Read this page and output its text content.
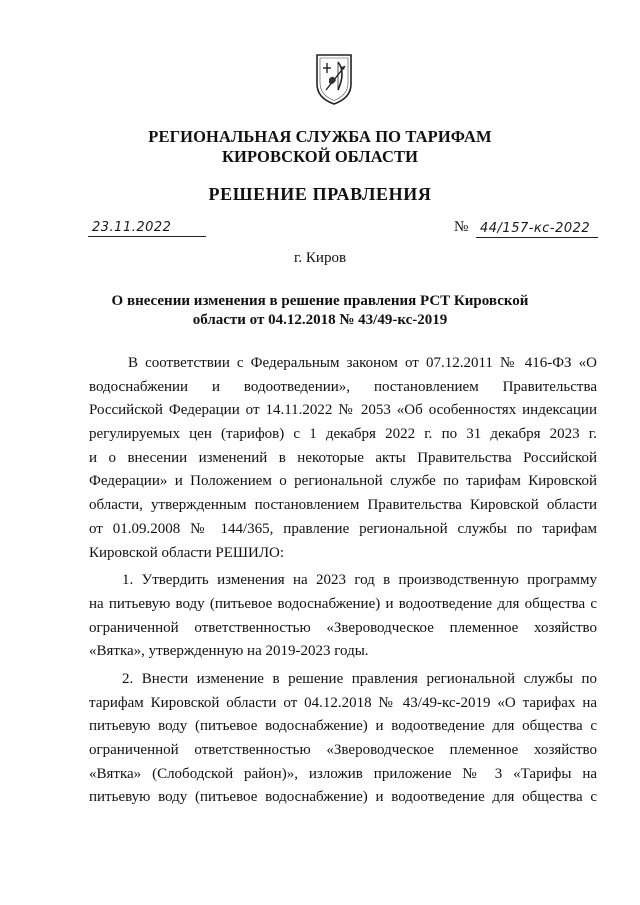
РЕГИОНАЛЬНАЯ СЛУЖБА ПО ТАРИФАМ
КИРОВСКОЙ ОБЛАСТИ
РЕШЕНИЕ ПРАВЛЕНИЯ
23.11.2022	№ 44/157-кс-2022
г. Киров
О внесении изменения в решение правления РСТ Кировской
области от 04.12.2018 № 43/49-кс-2019
В соответствии с Федеральным законом от 07.12.2011 № 416-ФЗ «О
водоснабжении и водоотведении», постановлением Правительства
Российской Федерации от 14.11.2022 № 2053 «Об особенностях индексации
регулируемых цен (тарифов) с 1 декабря 2022 г. по 31 декабря 2023 г.
и о внесении изменений в некоторые акты Правительства Российской
Федерации» и Положением о региональной службе по тарифам Кировской
области, утвержденным постановлением Правительства Кировской области
от 01.09.2008 № 144/365, правление региональной службы по тарифам
Кировской области РЕШИЛО:
1. Утвердить изменения на 2023 год в производственную программу
на питьевую воду (питьевое водоснабжение) и водоотведение для общества с
ограниченной ответственностью «Звероводческое племенное хозяйство
«Вятка», утвержденную на 2019-2023 годы.
2. Внести изменение в решение правления региональной службы по
тарифам Кировской области от 04.12.2018 № 43/49-кс-2019 «О тарифах на
питьевую воду (питьевое водоснабжение) и водоотведение для общества с
ограниченной ответственностью «Звероводческое племенное хозяйство
«Вятка» (Слободской район)», изложив приложение № 3 «Тарифы на
питьевую воду (питьевое водоснабжение) и водоотведение для общества с
